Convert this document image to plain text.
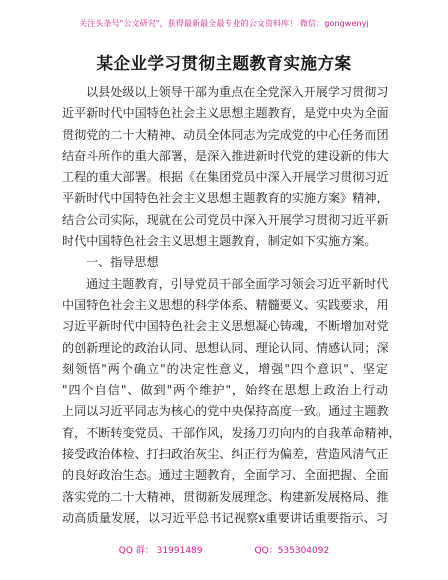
关注头条号"公文研究"，获得最新最全最专业的公文资料库！ 微信：gongwenyj
某企业学习贯彻主题教育实施方案
以县处级以上领导干部为重点在全党深入开展学习贯彻习
近平新时代中国特色社会主义思想主题教育，是党中央为全面
贯彻党的二十大精神、动员全体同志为完成党的中心任务而团
结奋斗所作的重大部署，是深入推进新时代党的建设新的伟大
工程的重大部署。根据《在集团党员中深入开展学习贯彻习近
平新时代中国特色社会主义思想主题教育的实施方案》精神，
结合公司实际，现就在公司党员中深入开展学习贯彻习近平新
时代中国特色社会主义思想主题教育，制定如下实施方案。
一、指导思想
通过主题教育，引导党员干部全面学习领会习近平新时代
中国特色社会主义思想的科学体系、精髓要义、实践要求，用
习近平新时代中国特色社会主义思想凝心铸魂，不断增加对党
的创新理论的政治认同、思想认同、理论认同、情感认同；深
刻领悟"两个确立"的决定性意义，增强"四个意识"、坚定
"四个自信"、做到"两个维护"，始终在思想上政治上行动
上同以习近平同志为核心的党中央保持高度一致。通过主题教
育，不断转变党员、干部作风，发扬刀刃向内的自我革命精神，
接受政治体检、打扫政治灰尘、纠正行为偏差，营造风清气正
的良好政治生态。通过主题教育，全面学习、全面把握、全面
落实党的二十大精神，贯彻新发展理念、构建新发展格局、推
动高质量发展，以习近平总书记视察x重要讲话重要指示、习
QQ 群： 31991489	QQ：535304092
